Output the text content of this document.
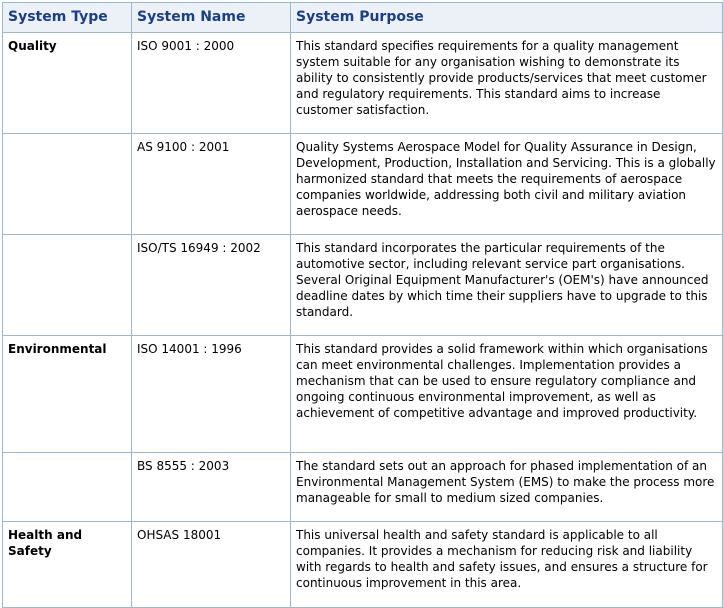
System Type	System Name	System Purpose
Quality	ISO 9001 : 2000	This standard specifies requirements for a quality management system suitable for any organisation wishing to demonstrate its ability to consistently provide products/services that meet customer and regulatory requirements. This standard aims to increase customer satisfaction.
	AS 9100 : 2001	Quality Systems Aerospace Model for Quality Assurance in Design, Development, Production, Installation and Servicing. This is a globally harmonized standard that meets the requirements of aerospace companies worldwide, addressing both civil and military aviation aerospace needs.
	ISO/TS 16949 : 2002	This standard incorporates the particular requirements of the automotive sector, including relevant service part organisations. Several Original Equipment Manufacturer's (OEM's) have announced deadline dates by which time their suppliers have to upgrade to this standard.
Environmental	ISO 14001 : 1996	This standard provides a solid framework within which organisations can meet environmental challenges. Implementation provides a mechanism that can be used to ensure regulatory compliance and ongoing continuous environmental improvement, as well as achievement of competitive advantage and improved productivity.
	BS 8555 : 2003	The standard sets out an approach for phased implementation of an Environmental Management System (EMS) to make the process more manageable for small to medium sized companies.
Health and Safety	OHSAS 18001	This universal health and safety standard is applicable to all companies. It provides a mechanism for reducing risk and liability with regards to health and safety issues, and ensures a structure for continuous improvement in this area.
